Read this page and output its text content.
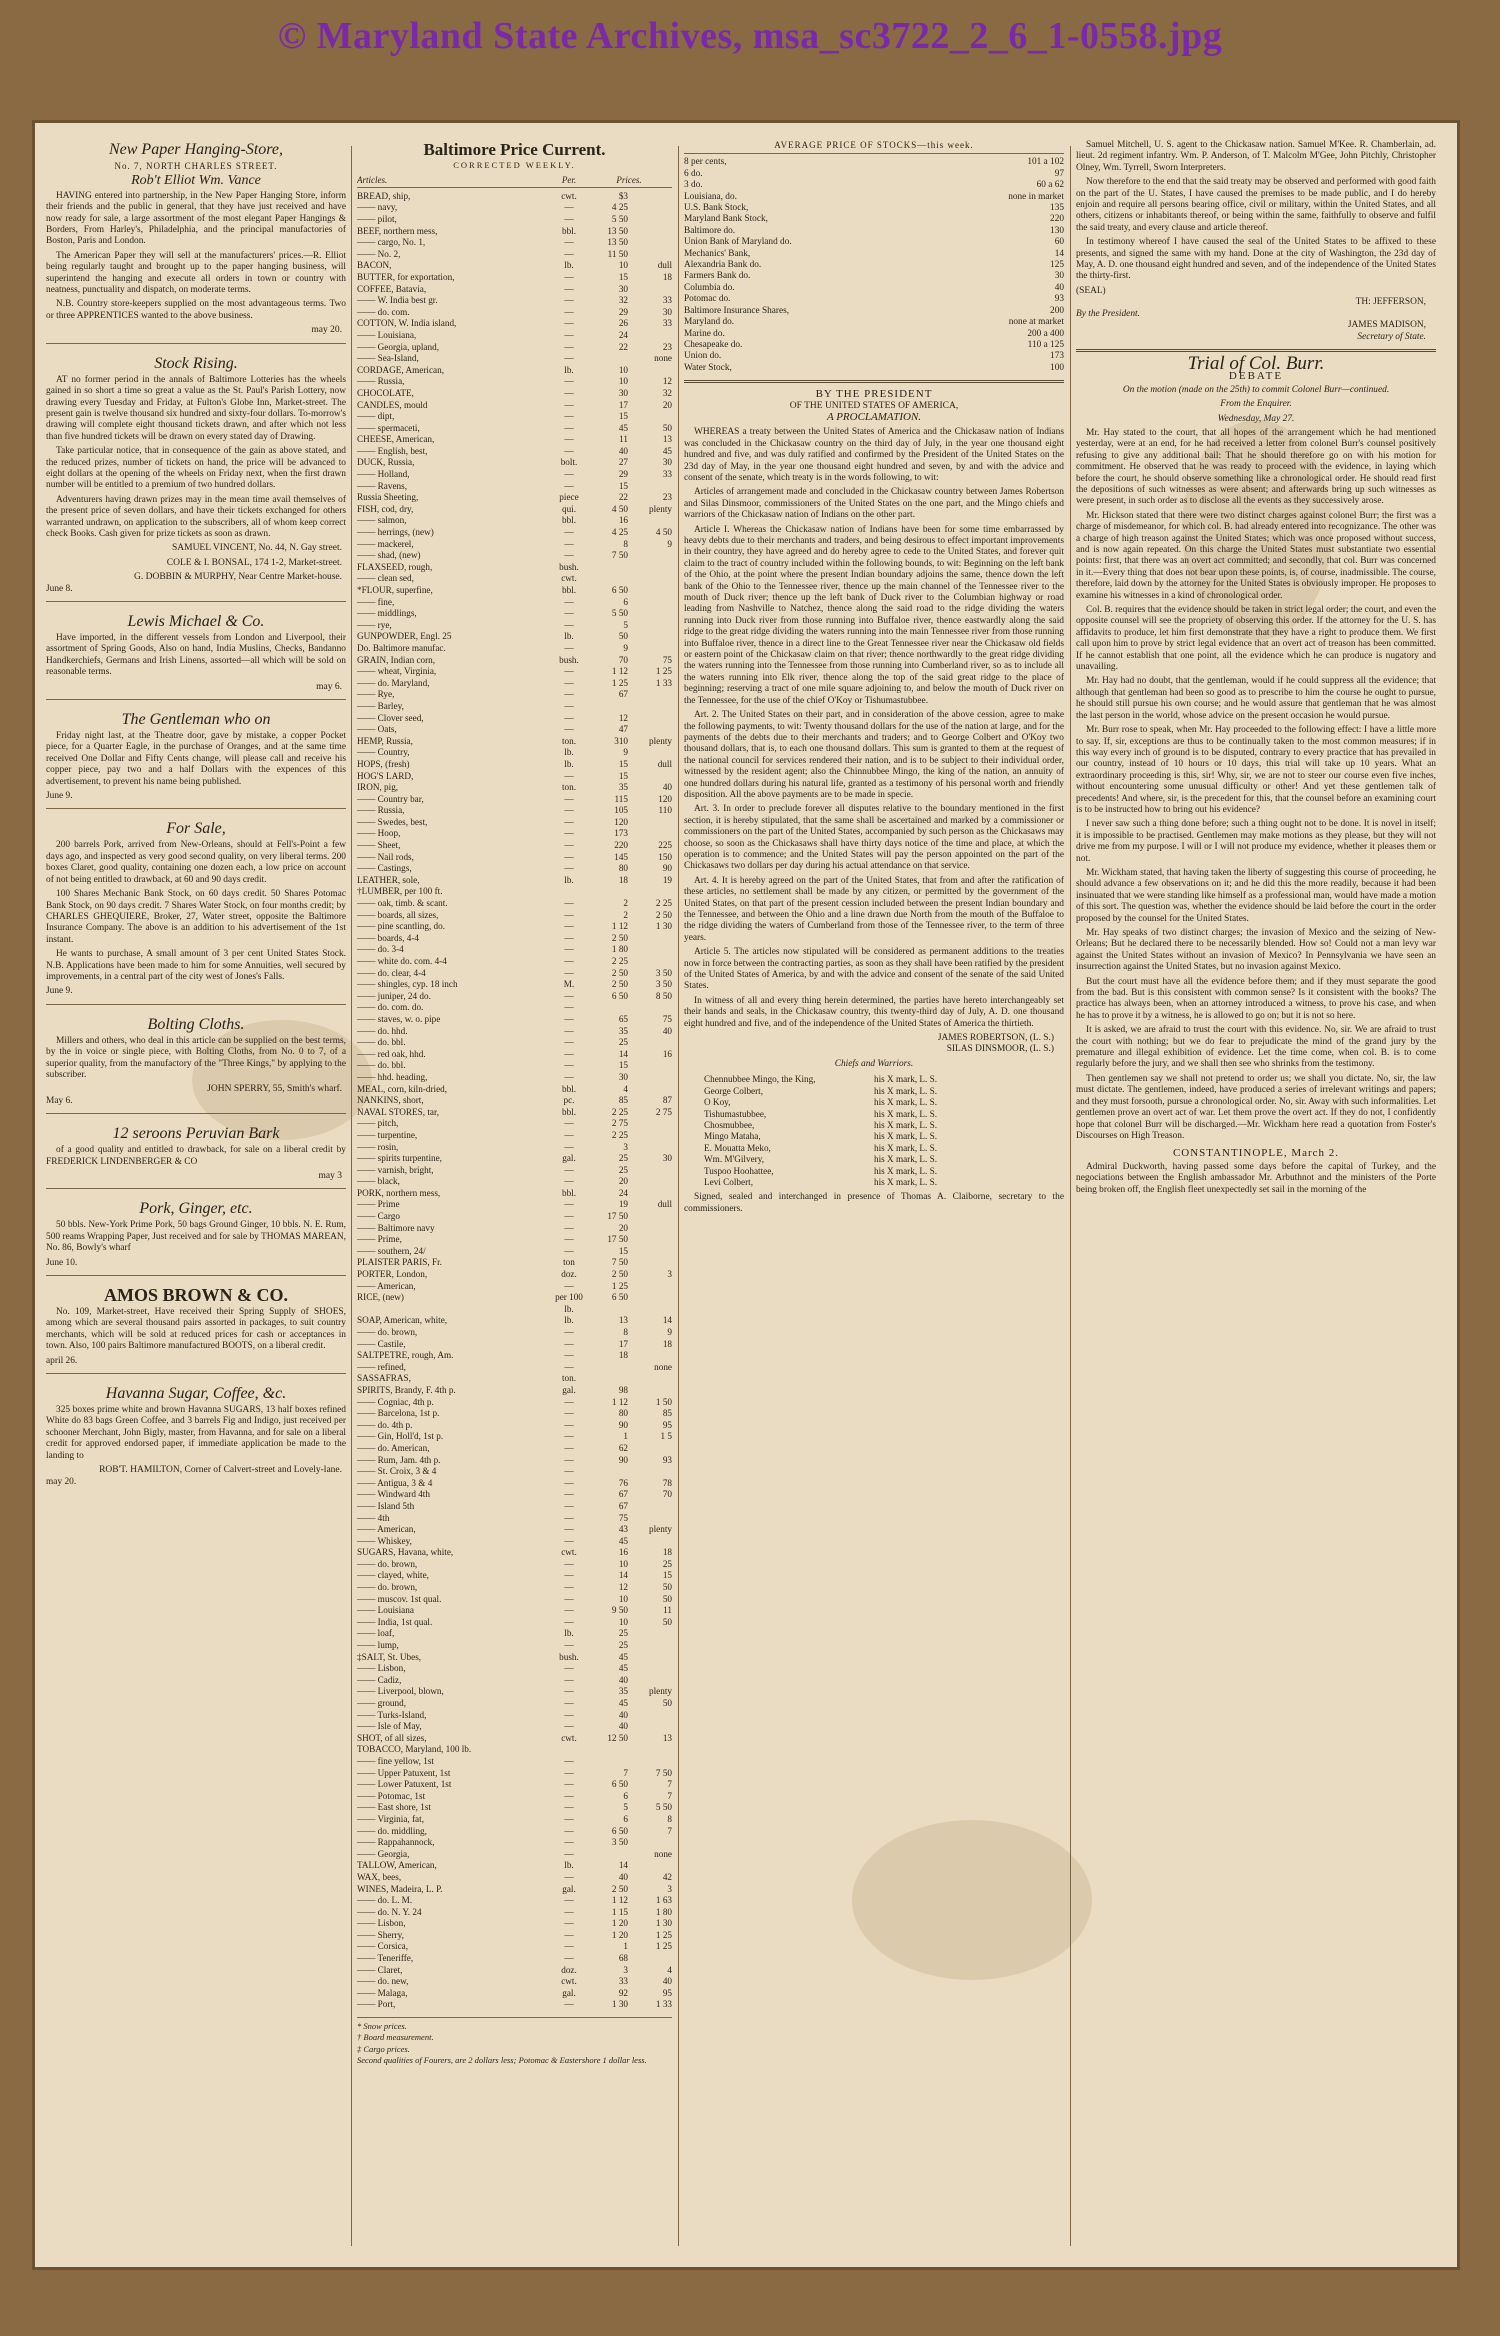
© Maryland State Archives, msa_sc3722_2_6_1-0558.jpg
New Paper Hanging-Store,
No. 7, NORTH CHARLES STREET.
Rob't Elliot Wm. Vance

HAVING entered into partnership, in the New Paper Hanging Store, inform their friends and the public in general, that they have just received and have now ready for sale, a large assortment of the most elegant Paper Hangings & Borders, From Harley's, Philadelphia, and the principal manufactories of Boston, Paris and London.

The American Paper they will sell at the manufacturers' prices.—R. Elliot being regularly taught and brought up to the paper hanging business, will superintend the hanging and execute all orders in town or country with neatness, punctuality and dispatch, on moderate terms.

N.B. Country store-keepers supplied on the most advantageous terms. Two or three APPRENTICES wanted to the above business.

may 20.
Stock Rising.

AT no former period in the annals of Baltimore Lotteries has the wheels gained in so short a time so great a value as the St. Paul's Parish Lottery, now drawing every Tuesday and Friday, at Fulton's Globe Inn, Market-street. The present gain is twelve thousand six hundred and sixty-four dollars. To-morrow's drawing will complete eight thousand tickets drawn, and after which not less than five hundred tickets will be drawn on every stated day of Drawing.

Take particular notice, that in consequence of the gain as above stated, and the reduced prizes, number of tickets on hand, the price will be advanced to eight dollars at the opening of the wheels on Friday next, when the first drawn number will be entitled to a premium of two hundred dollars.

Adventurers having drawn prizes may in the mean time avail themselves of the present price of seven dollars, and have their tickets exchanged for others warranted undrawn, on application to the subscribers, all of whom keep correct check Books. Cash given for prize tickets as soon as drawn.

SAMUEL VINCENT, No. 44, N. Gay street.
COLE & I. BONSAL, 174 1-2, Market-street.
G. DOBBIN & MURPHY, Near Centre Market-house.
June 8.
Lewis Michael & Co.

Have imported, in the different vessels from London and Liverpool, their assortment of Spring Goods, Also on hand, India Muslins, Checks, Bandanno Handkerchiefs, Germans and Irish Linens, assorted—all which will be sold on reasonable terms.

may 6.
The Gentleman who on

Friday night last, at the Theatre door, gave by mistake, a copper Pocket piece, for a Quarter Eagle, in the purchase of Oranges, and at the same time received One Dollar and Fifty Cents change, will please call and receive his copper piece, pay two and a half Dollars with the expences of this advertisement, to prevent his name being published.

June 9.
For Sale,

200 barrels Pork, arrived from New-Orleans, should at Fell's-Point a few days ago, and inspected as very good second quality, on very liberal terms. 200 boxes Claret, good quality, containing one dozen each, a low price on account of not being entitled to drawback, at 60 and 90 days credit.

100 Shares Mechanic Bank Stock, on 60 days credit. 50 Shares Potomac Bank Stock, on 90 days credit. 7 Shares Water Stock, on four months credit; by CHARLES GHEQUIERE, Broker, 27, Water street, opposite the Baltimore Insurance Company. The above is an addition to his advertisement of the 1st instant.

He wants to purchase, A small amount of 3 per cent United States Stock. N.B. Applications have been made to him for some Annuities, well secured by improvements, in a central part of the city west of Jones's Falls.

June 9.
Bolting Cloths.

Millers and others, who deal in this article can be supplied on the best terms, by the in voice or single piece, with Bolting Cloths, from No. 0 to 7, of a superior quality, from the manufactory of the "Three Kings," by applying to the subscriber.

JOHN SPERRY, 55, Smith's wharf.
May 6.
12 seroons Peruvian Bark

of a good quality and entitled to drawback, for sale on a liberal credit by FREDERICK LINDENBERGER & CO

may 3
Pork, Ginger, etc.

50 bbls. New-York Prime Pork, 50 bags Ground Ginger, 10 bbls. N. E. Rum, 500 reams Wrapping Paper, Just received and for sale by THOMAS MAREAN, No. 86, Bowly's wharf

June 10.
AMOS BROWN & CO.

No. 109, Market-street, Have received their Spring Supply of SHOES, among which are several thousand pairs assorted in packages, to suit country merchants, which will be sold at reduced prices for cash or acceptances in town. Also, 100 pairs Baltimore manufactured BOOTS, on a liberal credit.

april 26.
Havanna Sugar, Coffee, &c.

325 boxes prime white and brown Havanna SUGARS, 13 half boxes refined White do 83 bags Green Coffee, and 3 barrels Fig and Indigo, just received per schooner Merchant, John Bigly, master, from Havanna, and for sale on a liberal credit for approved endorsed paper, if immediate application be made to the landing to

ROB'T. HAMILTON, Corner of Calvert-street and Lovely-lane.
may 20.
Baltimore Price Current.
CORRECTED WEEKLY.
Articles.	Per.	Prices.
BREAD, ship,	cwt.	$3
—— navy,	—	4 25
—— pilot,	—	5 50
BEEF, northern mess,	bbl.	13 50
—— cargo, No. 1,	—	13 50
—— No. 2,	—	11 50
BACON,	lb.	10	dull
BUTTER, for exportation,	—	15	18
COFFEE, Batavia,	—	30
—— W. India best gr.	—	32	33
—— do. com.	—	29	30
COTTON, W. India island,	—	26	33
—— Louisiana,	—	24
—— Georgia, upland,	—	22	23
—— Sea-Island,	—	none
CORDAGE, American,	lb.	10
—— Russia,	—	10	12
CHOCOLATE,	—	30	32
CANDLES, mould	—	17	20
—— dipt,	—	15
—— spermaceti,	—	45	50
CHEESE, American,	—	11	13
—— English, best,	—	40	45
DUCK, Russia,	bolt.	27	30
—— Holland,	—	29	33
—— Ravens,	—	15
Russia Sheeting,	piece	22	23
FISH, cod, dry,	qui.	4 50	plenty
—— salmon,	bbl.	16
—— herrings, (new)	—	4 25	4 50
—— mackerel,	—	8	9
—— shad, (new)	—	7 50
FLAXSEED, rough,	bush.
—— clean sed,	cwt.
*FLOUR, superfine,	bbl.	6 50
—— fine,	—	6
—— middlings,	—	5 50
—— rye,	—	5
GUNPOWDER, Engl. 25	lb.	50
Do. Baltimore manufac.	—	9
GRAIN, Indian corn,	bush.	70	75
—— wheat, Virginia,	—	1 12	1 25
—— do. Maryland,	—	1 25	1 33
—— Rye,	—	67
—— Barley,	—
—— Clover seed,	—	12
—— Oats,	—	47
HEMP, Russia,	ton.	310	plenty
—— Country,	lb.	9
HOPS, (fresh)	lb.	15	dull
HOG'S LARD,	—	15
IRON, pig,	ton.	35	40
—— Country bar,	—	115	120
—— Russia,	—	105	110
—— Swedes, best,	—	120
—— Hoop,	—	173
—— Sheet,	—	220	225
—— Nail rods,	—	145	150
—— Castings,	—	80	90
LEATHER, sole,	lb.	18	19
†LUMBER, per 100 ft.
—— oak, timb. & scant.	—	2	2 25
—— boards, all sizes,	—	2	2 50
—— pine scantling, do.	—	1 12	1 30
—— boards, 4-4	—	2 50
—— do. 3-4	—	1 80
—— white do. com. 4-4	—	2 25
—— do. clear, 4-4	—	2 50	3 50
—— shingles, cyp. 18 inch	M.	2 50	3 50
—— juniper, 24 do.	—	6 50	8 50
—— do. com. do.	—
—— staves, w. o. pipe	—	65	75
—— do. hhd.	—	35	40
—— do. bbl.	—	25
—— red oak, hhd.	—	14	16
—— do. bbl.	—	15
—— hhd. heading,	—	30
MEAL, corn, kiln-dried,	bbl.	4
NANKINS, short,	pc.	85	87
NAVAL STORES, tar,	bbl.	2 25	2 75
—— pitch,	—	2 75
—— turpentine,	—	2 25
—— rosin,	—	3
—— spirits turpentine,	gal.	25	30
—— varnish, bright,	—	25
—— black,	—	20
PORK, northern mess,	bbl.	24
—— Prime	—	19	dull
—— Cargo	—	17 50
—— Baltimore navy	—	20
—— Prime,	—	17 50
—— southern, 24/	—	15
PLAISTER PARIS, Fr.	ton	7 50
PORTER, London,	doz.	2 50	3
—— American,	—	1 25
RICE, (new)	per 100 lb.
6 50
SOAP, American, white,	lb.	13	14
—— do. brown,	—	8	9
—— Castile,	—	17	18
SALTPETRE, rough, Am.	—	18
—— refined,	—	none
SASSAFRAS,	ton.
SPIRITS, Brandy, F. 4th p.	gal.	98
—— Cogniac, 4th p.	—	1 12	1 50
—— Barcelona, 1st p.	—	80	85
—— do. 4th p.	—	90	95
—— Gin, Holl'd, 1st p.	—	1	1 5
—— do. American,	—	62
—— Rum, Jam. 4th p.	—	90	93
—— St. Croix, 3 & 4	—
—— Antigua, 3 & 4	—	76	78
—— Windward 4th	—	67	70
—— Island 5th	—	67
—— 4th	—	75
—— American,	—	43	plenty
—— Whiskey,	—	45
SUGARS, Havana, white,	cwt.	16	18
—— do. brown,	—	10	25
—— clayed, white,	—	14	15
—— do. brown,	—	12	50
—— muscov. 1st qual.	—	10	50
—— Louisiana	—	9 50	11
—— India, 1st qual.	—	10	50
—— loaf,	lb.	25
—— lump,	—	25
‡SALT, St. Ubes,	bush.	45
—— Lisbon,	—	45
—— Cadiz,	—	40
—— Liverpool, blown,	—	35	plenty
—— ground,	—	45	50
—— Turks-Island,	—	40
—— Isle of May,	—	40
SHOT, of all sizes,	cwt.	12 50	13
TOBACCO, Maryland, 100 lb.
—— fine yellow, 1st	—
—— Upper Patuxent, 1st	—	7	7 50
—— Lower Patuxent, 1st	—	6 50	7
—— Potomac, 1st	—	6	7
—— East shore, 1st	—	5	5 50
—— Virginia, fat,	—	6	8
—— do. middling,	—	6 50	7
—— Rappahannock,	—	3 50
—— Georgia,	—	none
TALLOW, American,	lb.	14
WAX, bees,	—	40	42
WINES, Madeira, L. P.	gal.	2 50	3
—— do. L. M.	—	1 12	1 63
—— do. N. Y. 24	—	1 15	1 80
—— Lisbon,	—	1 20	1 30
—— Sherry,	—	1 20	1 25
—— Corsica,	—	1	1 25
—— Teneriffe,	—	68
—— Claret,	doz.	3	4
—— do. new,	cwt.	33	40
—— Malaga,	gal.	92	95
—— Port,	—	1 30	1 33
* Snow prices.
† Board measurement.
‡ Cargo prices.
Second qualities of Fourers, are 2 dollars less; Potomac & Eastershore 1 dollar less.
AVERAGE PRICE OF STOCKS—this week.
8 per cents,	101 a 102
6 do.	97
3 do.	60 a 62
Louisiana, do.	none in market
U.S. Bank Stock,	135
Maryland Bank Stock,	220
Baltimore do.	130
Union Bank of Maryland do.	60
Mechanics' Bank,	14
Alexandria Bank do.	125
Farmers Bank do.	30
Columbia do.	40
Potomac do.	93
Baltimore Insurance Shares,	200
Maryland do.	none at market
Marine do.	200 a 400
Chesapeake do.	110 a 125
Union do.	173
Water Stock,	100
BY THE PRESIDENT
OF THE UNITED STATES OF AMERICA,
A PROCLAMATION.

WHEREAS a treaty between the United States of America and the Chickasaw nation of Indians was concluded in the Chickasaw country on the third day of July, in the year one thousand eight hundred and five, and was duly ratified and confirmed by the President of the United States on the 23d day of May, in the year one thousand eight hundred and seven, by and with the advice and consent of the senate, which treaty is in the words following, to wit:

Articles of arrangement made and concluded in the Chickasaw country between James Robertson and Silas Dinsmoor, commissioners of the United States on the one part, and the Mingo chiefs and warriors of the Chickasaw nation of Indians on the other part.

Article I. Whereas the Chickasaw nation of Indians have been for some time embarrassed by heavy debts due to their merchants and traders, and being desirous to effect important improvements in their country, they have agreed and do hereby agree to cede to the United States, and forever quit claim to the tract of country included within the following bounds, to wit: Beginning on the left bank of the Ohio, at the point where the present Indian boundary adjoins the same, thence down the left bank of the Ohio to the Tennessee river, thence up the main channel of the Tennessee river to the mouth of Duck river; thence up the left bank of Duck river to the Columbian highway or road leading from Nashville to Natchez, thence along the said road to the ridge dividing the waters running into Duck river from those running into Buffaloe river, thence eastwardly along the said ridge to the great ridge dividing the waters running into the main Tennessee river from those running into Buffaloe river, thence in a direct line to the Great Tennessee river near the Chickasaw old fields or eastern point of the Chickasaw claim on that river; thence northwardly to the great ridge dividing the waters running into the Tennessee from those running into Cumberland river, so as to include all the waters running into Elk river, thence along the top of the said great ridge to the place of beginning; reserving a tract of one mile square adjoining to, and below the mouth of Duck river on the Tennessee, for the use of the chief O'Koy or Tishumastubbee.

Art. 2. The United States on their part, and in consideration of the above cession, agree to make the following payments, to wit: Twenty thousand dollars for the use of the nation at large, and for the payments of the debts due to their merchants and traders; and to George Colbert and O'Koy two thousand dollars, that is, to each one thousand dollars. This sum is granted to them at the request of the national council for services rendered their nation, and is to be subject to their individual order, witnessed by the resident agent; also the Chinnubbee Mingo, the king of the nation, an annuity of one hundred dollars during his natural life, granted as a testimony of his personal worth and friendly disposition. All the above payments are to be made in specie.

Art. 3. In order to preclude forever all disputes relative to the boundary mentioned in the first section, it is hereby stipulated, that the same shall be ascertained and marked by a commissioner or commissioners on the part of the United States, accompanied by such person as the Chickasaws may choose, so soon as the Chickasaws shall have thirty days notice of the time and place, at which the operation is to commence; and the United States will pay the person appointed on the part of the Chickasaws two dollars per day during his actual attendance on that service.

Art. 4. It is hereby agreed on the part of the United States, that from and after the ratification of these articles, no settlement shall be made by any citizen, or permitted by the government of the United States, on that part of the present cession included between the present Indian boundary and the Tennessee, and between the Ohio and a line drawn due North from the mouth of the Buffaloe to the ridge dividing the waters of Cumberland from those of the Tennessee river, to the term of three years.

Article 5. The articles now stipulated will be considered as permanent additions to the treaties now in force between the contracting parties, as soon as they shall have been ratified by the president of the United States of America, by and with the advice and consent of the senate of the said United States.

In witness of all and every thing herein determined, the parties have hereto interchangeably set their hands and seals, in the Chickasaw country, this twenty-third day of July, A. D. one thousand eight hundred and five, and of the independence of the United States of America the thirtieth.

JAMES ROBERTSON, (L. S.)
SILAS DINSMOOR, (L. S.)
Chiefs and Warriors.
Chennubbee Mingo, the King,	his X mark, L. S.
George Colbert,	his X mark, L. S.
O Koy,	his X mark, L. S.
Tishumastubbee,	his X mark, L. S.
Chosmubbee,	his X mark, L. S.
Mingo Mataha,	his X mark, L. S.
E. Mouatta Meko,	his X mark, L. S.
Wm. M'Gilvery,	his X mark, L. S.
Tuspoo Hoohattee,	his X mark, L. S.
Levi Colbert,	his X mark, L. S.

Signed, sealed and interchanged in presence of Thomas A. Claiborne, secretary to the commissioners.

Samuel Mitchell, U. S. agent to the Chickasaw nation. Samuel M'Kee. R. Chamberlain, ad. lieut. 2d regiment infantry. Wm. P. Anderson, of T. Malcolm M'Gee, John Pitchly, Christopher Olney, Wm. Tyrrell, Sworn Interpreters.

Now therefore to the end that the said treaty may be observed and performed with good faith on the part of the U. States, I have caused the premises to be made public, and I do hereby enjoin and require all persons bearing office, civil or military, within the United States, and all others, citizens or inhabitants thereof, or being within the same, faithfully to observe and fulfil the said treaty, and every clause and article thereof.

In testimony whereof I have caused the seal of the United States to be affixed to these presents, and signed the same with my hand. Done at the city of Washington, the 23d day of May, A. D. one thousand eight hundred and seven, and of the independence of the United States the thirty-first.

(SEAL)
TH: JEFFERSON,
By the President.
JAMES MADISON,
Secretary of State.
Trial of Col. Burr.
DEBATE
On the motion (made on the 25th) to commit Colonel Burr—continued.
From the Enquirer.
Wednesday, May 27.

Mr. Hay stated to the court, that all hopes of the arrangement which he had mentioned yesterday, were at an end, for he had received a letter from colonel Burr's counsel positively refusing to give any additional bail: That he should therefore go on with his motion for commitment. He observed that he was ready to proceed with the evidence, in laying which before the court, he should observe something like a chronological order. He should read first the depositions of such witnesses as were absent; and afterwards bring up such witnesses as were present, in such order as to disclose all the events as they successively arose.

Mr. Hickson stated that there were two distinct charges against colonel Burr; the first was a charge of misdemeanor, for which col. B. had already entered into recognizance. The other was a charge of high treason against the United States; which was once proposed without success, and is now again repeated. On this charge the United States must substantiate two essential points: first, that there was an overt act committed; and secondly, that col. Burr was concerned in it.—Every thing that does not bear upon these points, is, of course, inadmissible. The course, therefore, laid down by the attorney for the United States is obviously improper. He proposes to examine his witnesses in a kind of chronological order.

Col. B. requires that the evidence should be taken in strict legal order; the court, and even the opposite counsel will see the propriety of observing this order. If the attorney for the U. S. has affidavits to produce, let him first demonstrate that they have a right to produce them. We first call upon him to prove by strict legal evidence that an overt act of treason has been committed. If he cannot establish that one point, all the evidence which he can produce is nugatory and unavailing.

Mr. Hay had no doubt, that the gentleman, would if he could suppress all the evidence; that although that gentleman had been so good as to prescribe to him the course he ought to pursue, he should still pursue his own course; and he would assure that gentleman that he was almost the last person in the world, whose advice on the present occasion he would pursue.

Mr. Burr rose to speak, when Mr. Hay proceeded to the following effect: I have a little more to say. If, sir, exceptions are thus to be continually taken to the most common measures; if in this way every inch of ground is to be disputed, contrary to every practice that has prevailed in our country, instead of 10 hours or 10 days, this trial will take up 10 years. What an extraordinary proceeding is this, sir! Why, sir, we are not to steer our course even five inches, without encountering some unusual difficulty or other! And yet these gentlemen talk of precedents! And where, sir, is the precedent for this, that the counsel before an examining court is to be instructed how to bring out his evidence?

I never saw such a thing done before; such a thing ought not to be done. It is novel in itself; it is impossible to be practised. Gentlemen may make motions as they please, but they will not drive me from my purpose. I will or I will not produce my evidence, whether it pleases them or not.

Mr. Wickham stated, that having taken the liberty of suggesting this course of proceeding, he should advance a few observations on it; and he did this the more readily, because it had been insinuated that we were standing like himself as a professional man, would have made a motion of this sort. The question was, whether the evidence should be laid before the court in the order proposed by the counsel for the United States.

Mr. Hay speaks of two distinct charges; the invasion of Mexico and the seizing of New-Orleans; But he declared there to be necessarily blended. How so! Could not a man levy war against the United States without an invasion of Mexico? In Pennsylvania we have seen an insurrection against the United States, but no invasion against Mexico.

But the court must have all the evidence before them; and if they must separate the good from the bad. But is this consistent with common sense? Is it consistent with the books? The practice has always been, when an attorney introduced a witness, to prove his case, and when he has to prove it by a witness, he is allowed to go on; but it is not so here.

It is asked, we are afraid to trust the court with this evidence. No, sir. We are afraid to trust the court with nothing; but we do fear to prejudicate the mind of the grand jury by the premature and illegal exhibition of evidence. Let the time come, when col. B. is to come regularly before the jury, and we shall then see who shrinks from the testimony.

Then gentlemen say we shall not pretend to order us; we shall you dictate. No, sir, the law must dictate. The gentlemen, indeed, have produced a series of irrelevant writings and papers; and they must forsooth, pursue a chronological order. No, sir. Away with such informalities. Let gentlemen prove an overt act of war. Let them prove the overt act. If they do not, I confidently hope that colonel Burr will be discharged.—Mr. Wickham here read a quotation from Foster's Discourses on High Treason.

CONSTANTINOPLE, March 2.

Admiral Duckworth, having passed some days before the capital of Turkey, and the negociations between the English ambassador Mr. Arbuthnot and the ministers of the Porte being broken off, the English fleet unexpectedly set sail in the morning of the
